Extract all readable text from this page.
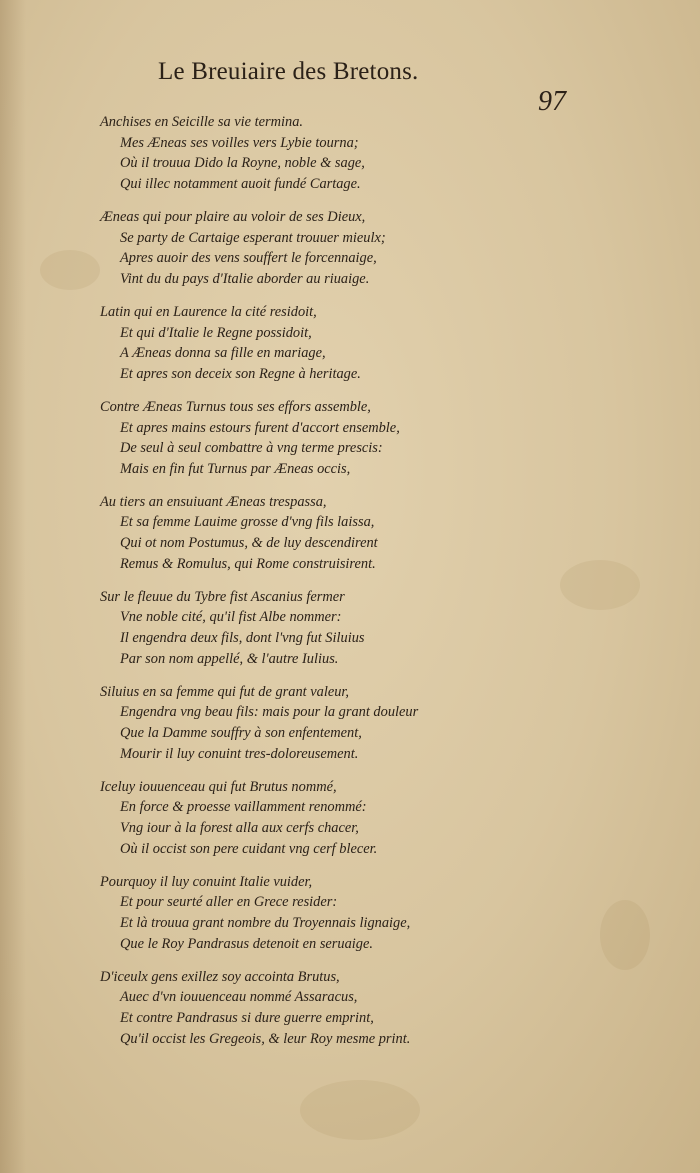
Le Breuiaire des Bretons.
97
Anchises en Seicille sa vie termina.
Mes Æneas ses voilles vers Lybie tourna;
Où il trouua Dido la Royne, noble & sage,
Qui illec notamment auoit fundé Cartage.
Æneas qui pour plaire au voloir de ses Dieux,
Se party de Cartaige esperant trouuer mieulx;
Apres auoir des vens souffert le forcennaige,
Vint du du pays d'Italie aborder au riuaige.
Latin qui en Laurence la cité residoit,
Et qui d'Italie le Regne possidoit,
A Æneas donna sa fille en mariage,
Et apres son deceix son Regne à heritage.
Contre Æneas Turnus tous ses effors assemble,
Et apres mains estours furent d'accort ensemble,
De seul à seul combattre à vng terme prescis:
Mais en fin fut Turnus par Æneas occis,
Au tiers an ensuiuant Æneas trespassa,
Et sa femme Lauime grosse d'vng fils laissa,
Qui ot nom Postumus, & de luy descendirent
Remus & Romulus, qui Rome construisirent.
Sur le fleuue du Tybre fist Ascanius fermer
Vne noble cité, qu'il fist Albe nommer:
Il engendra deux fils, dont l'vng fut Siluius
Par son nom appellé, & l'autre Iulius.
Siluius en sa femme qui fut de grant valeur,
Engendra vng beau fils: mais pour la grant douleur
Que la Damme souffry à son enfentement,
Mourir il luy conuint tres-doloreusement.
Iceluy iouuenceau qui fut Brutus nommé,
En force & proesse vaillamment renommé:
Vng iour à la forest alla aux cerfs chacer,
Où il occist son pere cuidant vng cerf blecer.
Pourquoy il luy conuint Italie vuider,
Et pour seurté aller en Grece resider:
Et là trouua grant nombre du Troyennais lignaige,
Que le Roy Pandrasus detenoit en seruaige.
D'iceulx gens exillez soy accointa Brutus,
Auec d'vn iouuenceau nommé Assaracus,
Et contre Pandrasus si dure guerre emprint,
Qu'il occist les Gregeois, & leur Roy mesme print.
